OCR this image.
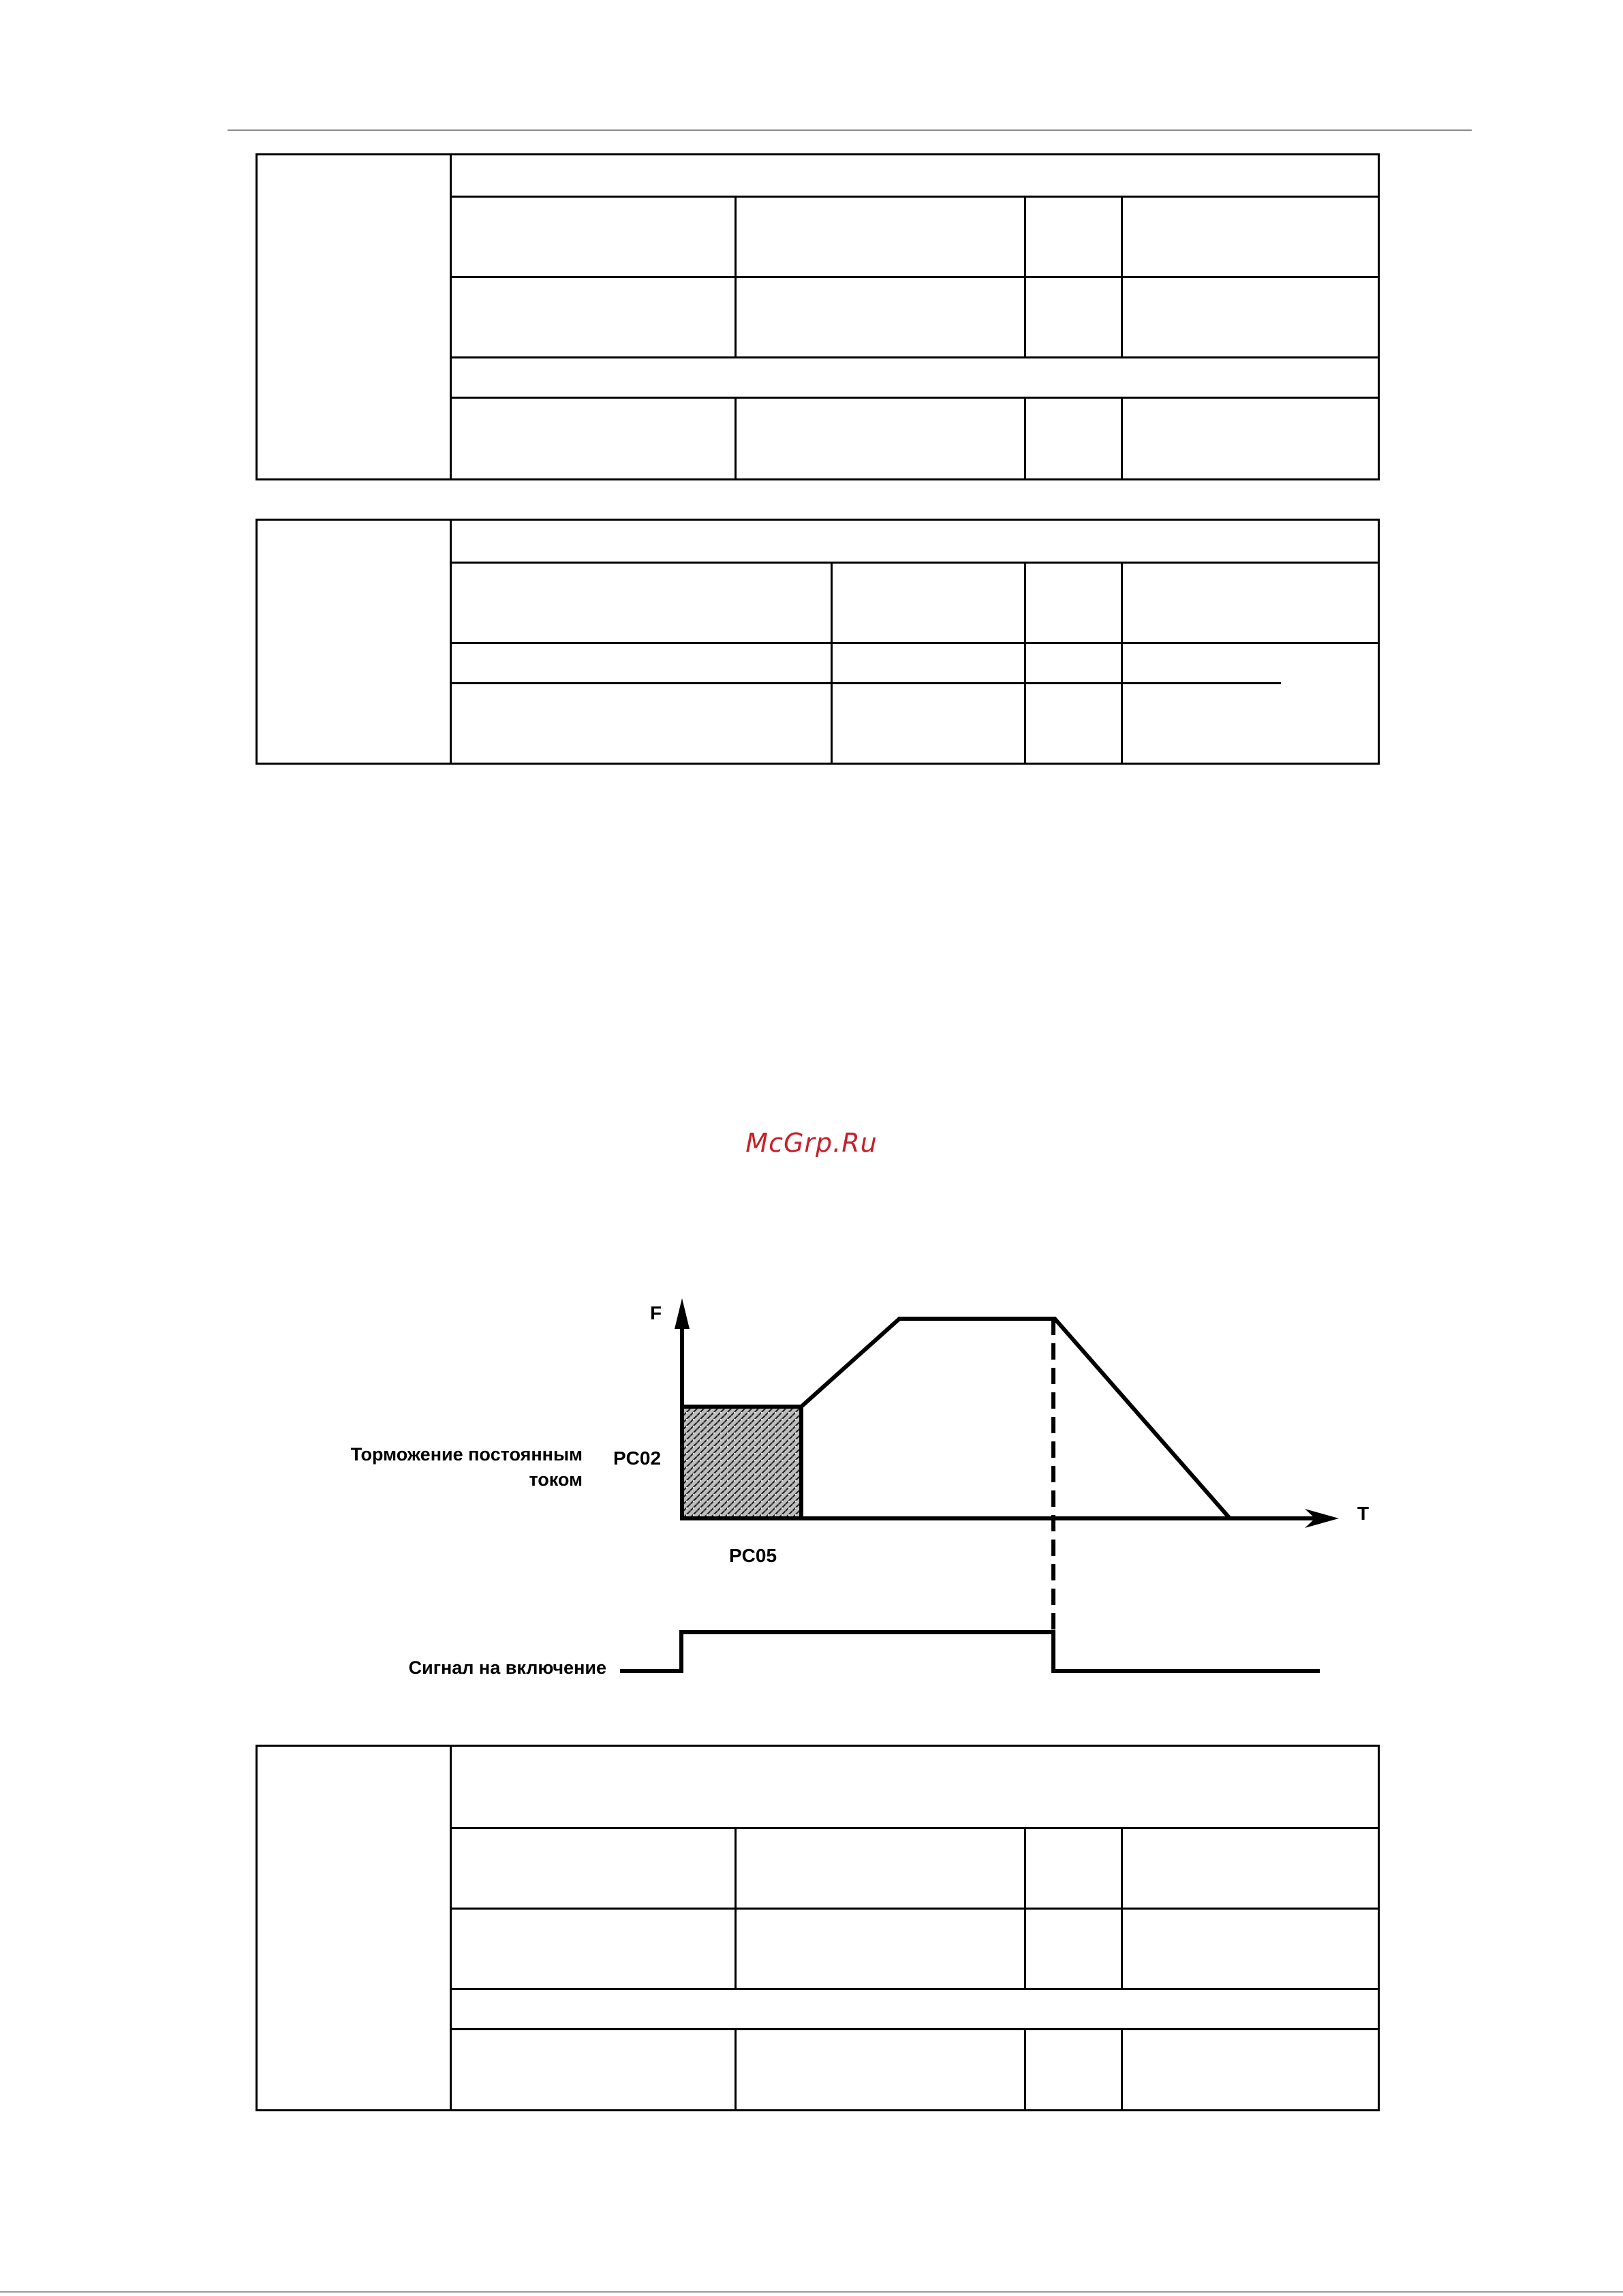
McGrp.Ru
F
T
Торможение постоянным
током
PC02
PC05
Сигнал на включение
